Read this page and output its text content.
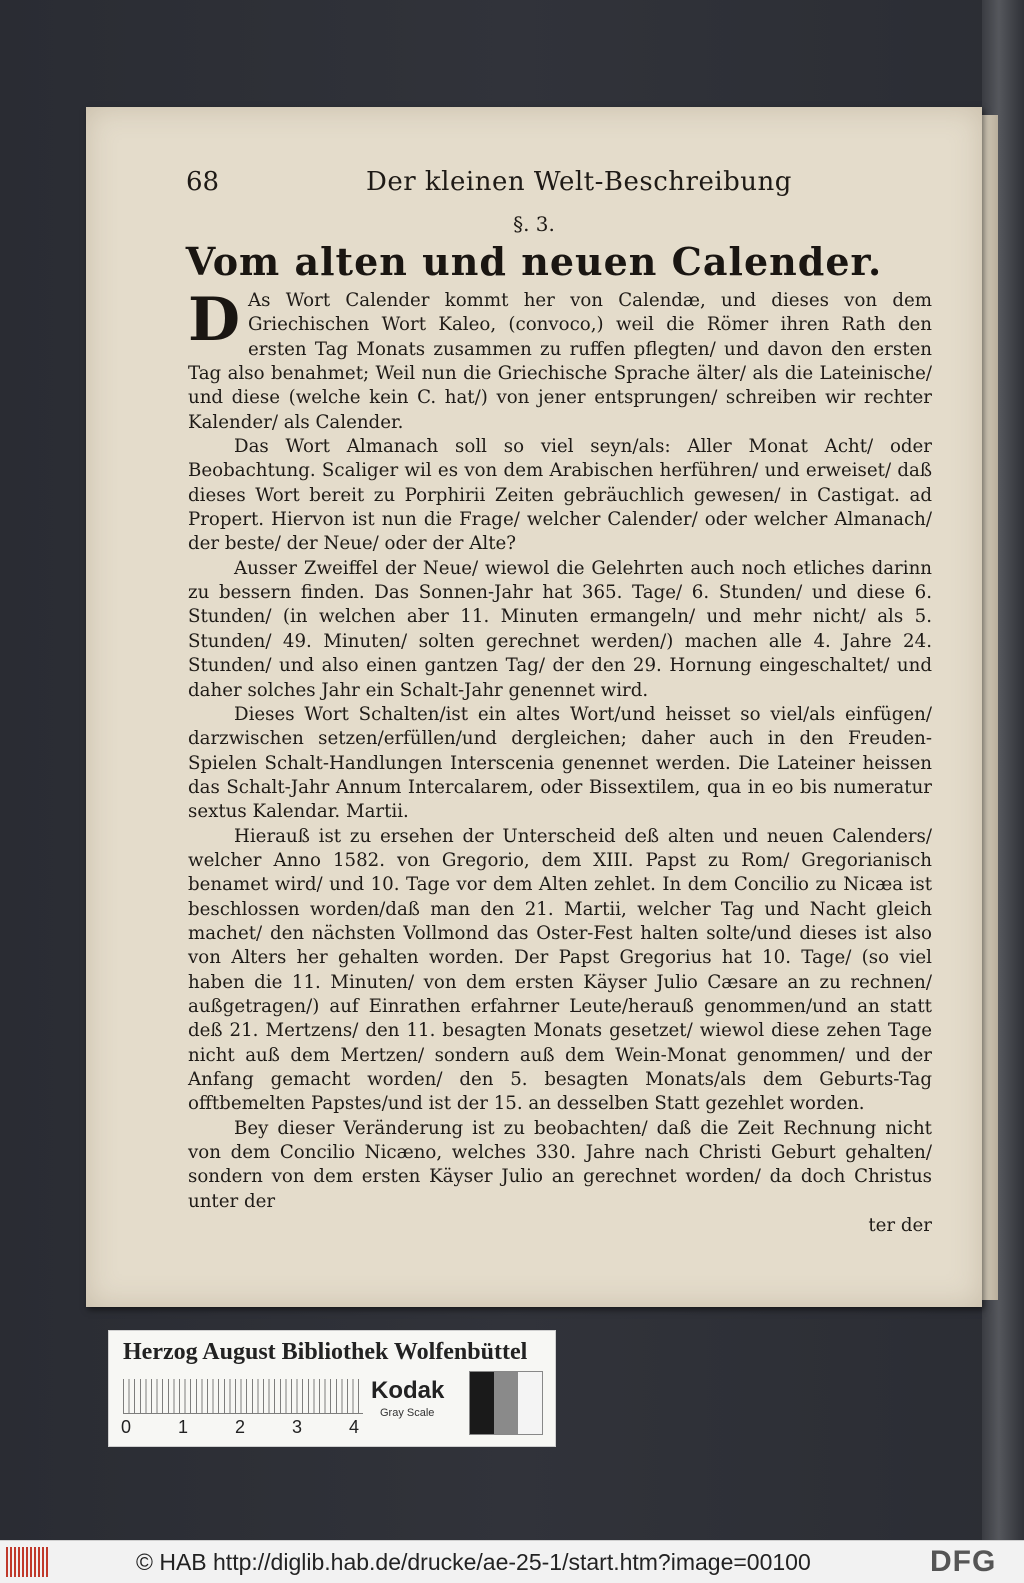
68	Der kleinen Welt-Beschreibung
§. 3.
Vom alten und neuen Calender.

D As Wort Calender kommt her von Calendæ, und dieses von dem Griechischen Wort Kaleo, (convoco,) weil die Römer ihren Rath den ersten Tag Monats zusammen zu ruffen pflegten/ und davon den ersten Tag also benahmet; Weil nun die Griechische Sprache älter/ als die Lateinische/ und diese (welche kein C. hat/) von jener entsprungen/ schreiben wir rechter Kalender/ als Calender.

Das Wort Almanach soll so viel seyn/als: Aller Monat Acht/ oder Beobachtung. Scaliger wil es von dem Arabischen herführen/ und erweiset/ daß dieses Wort bereit zu Porphirii Zeiten gebräuchlich gewesen/ in Castigat. ad Propert. Hiervon ist nun die Frage/ welcher Calender/ oder welcher Almanach/ der beste/ der Neue/ oder der Alte?

Ausser Zweiffel der Neue/ wiewol die Gelehrten auch noch etliches darinn zu bessern finden. Das Sonnen-Jahr hat 365. Tage/ 6. Stunden/ und diese 6. Stunden/ (in welchen aber 11. Minuten ermangeln/ und mehr nicht/ als 5. Stunden/ 49. Minuten/ solten gerechnet werden/) machen alle 4. Jahre 24. Stunden/ und also einen gantzen Tag/ der den 29. Hornung eingeschaltet/ und daher solches Jahr ein Schalt-Jahr genennet wird.

Dieses Wort Schalten/ist ein altes Wort/und heisset so viel/als einfügen/ darzwischen setzen/erfüllen/und dergleichen; daher auch in den Freuden-Spielen Schalt-Handlungen Interscenia genennet werden. Die Lateiner heissen das Schalt-Jahr Annum Intercalarem, oder Bissextilem, qua in eo bis numeratur sextus Kalendar. Martii.

Hierauß ist zu ersehen der Unterscheid deß alten und neuen Calenders/ welcher Anno 1582. von Gregorio, dem XIII. Papst zu Rom/ Gregorianisch benamet wird/ und 10. Tage vor dem Alten zehlet. In dem Concilio zu Nicæa ist beschlossen worden/daß man den 21. Martii, welcher Tag und Nacht gleich machet/ den nächsten Vollmond das Oster-Fest halten solte/und dieses ist also von Alters her gehalten worden. Der Papst Gregorius hat 10. Tage/ (so viel haben die 11. Minuten/ von dem ersten Käyser Julio Cæsare an zu rechnen/ außgetragen/) auf Einrathen erfahrner Leute/herauß genommen/und an statt deß 21. Mertzens/ den 11. besagten Monats gesetzet/ wiewol diese zehen Tage nicht auß dem Mertzen/ sondern auß dem Wein-Monat genommen/ und der Anfang gemacht worden/ den 5. besagten Monats/als dem Geburts-Tag offtbemelten Papstes/und ist der 15. an desselben Statt gezehlet worden.

Bey dieser Veränderung ist zu beobachten/ daß die Zeit Rechnung nicht von dem Concilio Nicæno, welches 330. Jahre nach Christi Geburt gehalten/ sondern von dem ersten Käyser Julio an gerechnet worden/ da doch Christus unter der

ter der
Herzog August Bibliothek Wolfenbüttel
0	1	2	3	4
Kodak
Gray Scale
© HAB http://diglib.hab.de/drucke/ae-25-1/start.htm?image=00100	DFG
